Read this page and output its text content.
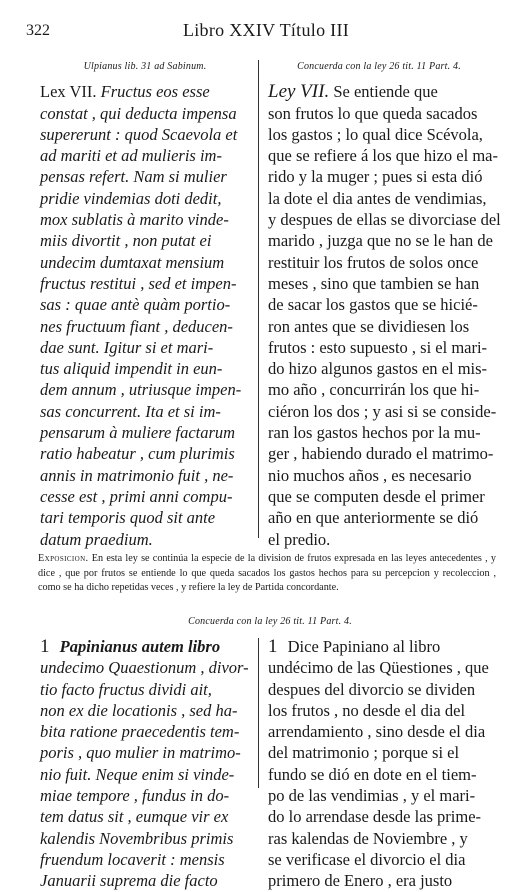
322	Libro XXIV Título III
Ulpianus lib. 31 ad Sabinum.
Lex VII. Fructus eos esse
constat , qui deducta impensa
supererunt : quod Scaevola et
ad mariti et ad mulieris im-
pensas refert. Nam si mulier
pridie vindemias doti dedit,
mox sublatis à marito vinde-
miis divortit , non putat ei
undecim dumtaxat mensium
fructus restitui , sed et impen-
sas : quae antè quàm portio-
nes fructuum fiant , deducen-
dae sunt. Igitur si et mari-
tus aliquid impendit in eun-
dem annum , utriusque impen-
sas concurrent. Ita et si im-
pensarum à muliere factarum
ratio habeatur , cum plurimis
annis in matrimonio fuit , ne-
cesse est , primi anni compu-
tari temporis quod sit ante
datum praedium.
Concuerda con la ley 26 tit. 11 Part. 4.
Ley VII. Se entiende que
son frutos lo que queda sacados
los gastos ; lo qual dice Scévola,
que se refiere á los que hizo el ma-
rido y la muger ; pues si esta dió
la dote el dia antes de vendimias,
y despues de ellas se divorciase del
marido , juzga que no se le han de
restituir los frutos de solos once
meses , sino que tambien se han
de sacar los gastos que se hicié-
ron antes que se dividiesen los
frutos : esto supuesto , si el mari-
do hizo algunos gastos en el mis-
mo año , concurrirán los que hi-
ciéron los dos ; y asi si se conside-
ran los gastos hechos por la mu-
ger , habiendo durado el matrimo-
nio muchos años , es necesario
que se computen desde el primer
año en que anteriormente se dió
el predio.
Exposicion. En esta ley se continúa la especie de la division de frutos expresada en las leyes antecedentes , y dice , que por frutos se entiende lo que queda sacados los gastos hechos para su percepcion y recoleccion , como se ha dicho repetidas veces , y refiere la ley de Partida concordante.
Concuerda con la ley 26 tit. 11 Part. 4.
1 Papinianus autem libro
undecimo Quaestionum , divor-
tio facto fructus dividi ait,
non ex die locationis , sed ha-
bita ratione praecedentis tem-
poris , quo mulier in matrimo-
nio fuit. Neque enim si vinde-
miae tempore , fundus in do-
tem datus sit , eumque vir ex
kalendis Novembribus primis
fruendum locaverit : mensis
Januarii suprema die facto
1 Dice Papiniano al libro
undécimo de las Qüestiones , que
despues del divorcio se dividen
los frutos , no desde el dia del
arrendamiento , sino desde el dia
del matrimonio ; porque si el
fundo se dió en dote en el tiem-
po de las vendimias , y el mari-
do lo arrendase desde las prime-
ras kalendas de Noviembre , y
se verificase el divorcio el dia
primero de Enero , era justo
